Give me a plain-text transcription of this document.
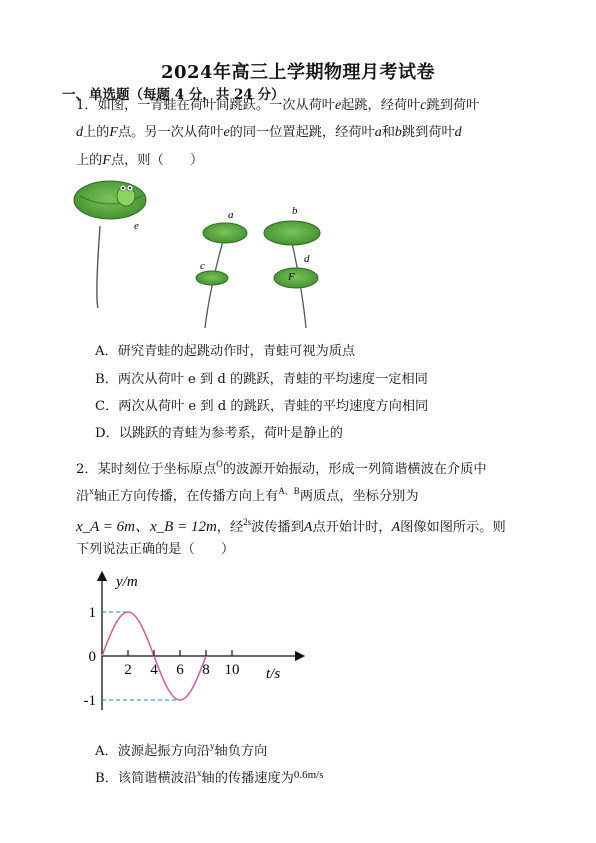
2024年高三上学期物理月考试卷
一、单选题（每题 4 分，共 24 分）
1．如图，一青蛙在荷叶间跳跃。一次从荷叶e起跳，经荷叶c跳到荷叶
d上的F点。另一次从荷叶e的同一位置起跳，经荷叶a和b跳到荷叶d
上的F点，则（　　）
e
a
c
b
d
F
A．研究青蛙的起跳动作时，青蛙可视为质点
B．两次从荷叶 e 到 d 的跳跃，青蛙的平均速度一定相同
C．两次从荷叶 e 到 d 的跳跃，青蛙的平均速度方向相同
D．以跳跃的青蛙为参考系，荷叶是静止的
2．某时刻位于坐标原点$^O$的波源开始振动，形成一列简谐横波在介质中
沿$^x$轴正方向传播，在传播方向上有$^{A、B}$两质点，坐标分别为
x_A = 6m、x_B = 12m，经$^{2s}$波传播到A点开始计时，A图像如图所示。则
下列说法正确的是（　　）
2 4 6 8 10
1
0
-1
y/m
t/s
A．波源起振方向沿$^y$轴负方向
B．该简谐横波沿$^x$轴的传播速度为$^{0.6m/s}$
